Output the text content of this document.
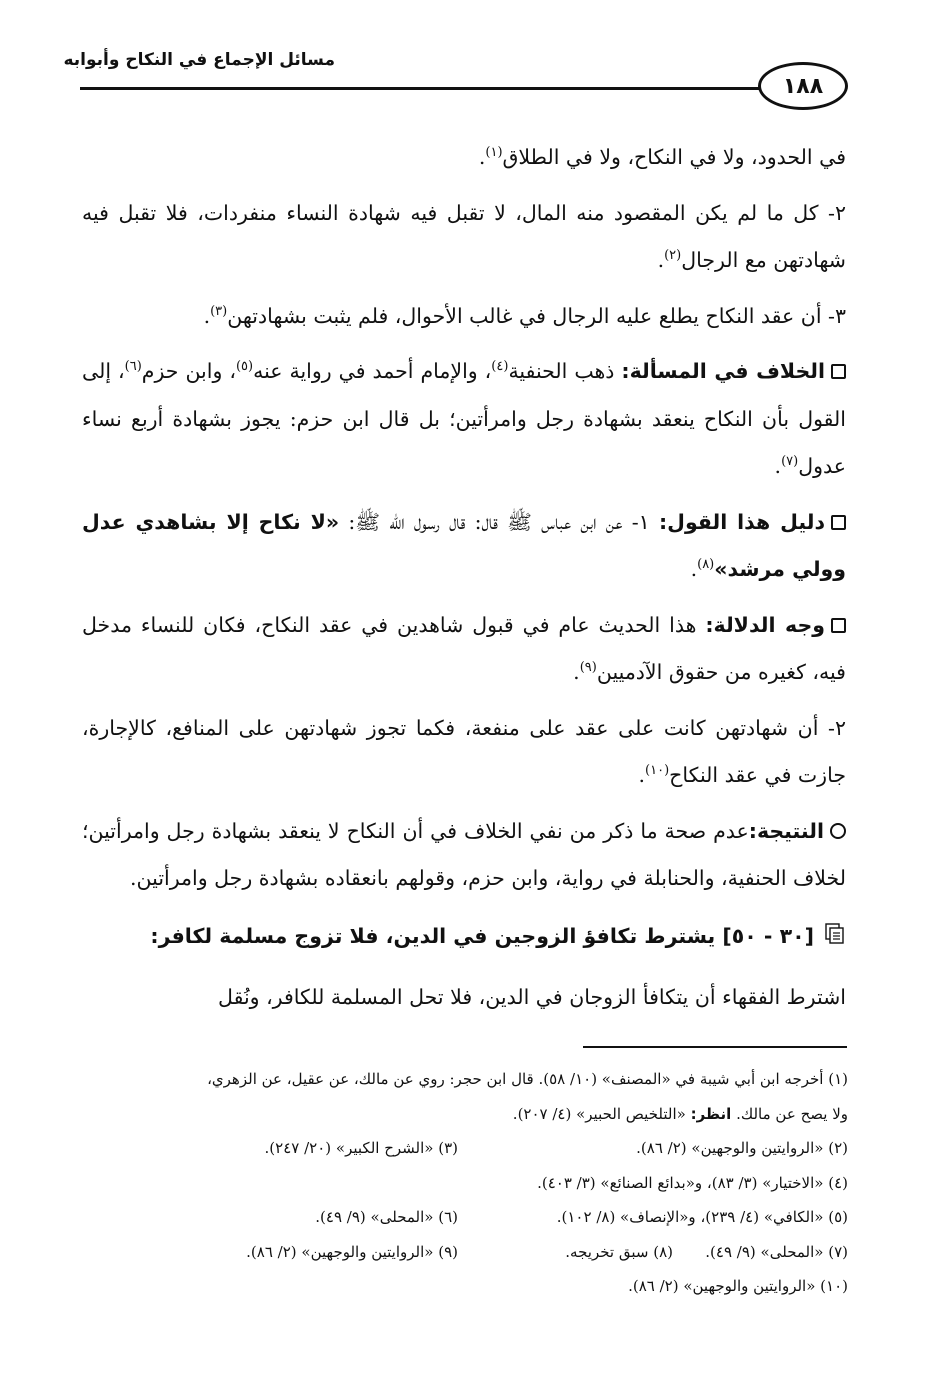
مسائل الإجماع في النكاح وأبوابه
١٨٨

في الحدود، ولا في النكاح، ولا في الطلاق$^{(١)}$.

٢- كل ما لم يكن المقصود منه المال، لا تقبل فيه شهادة النساء منفردات، فلا تقبل فيه شهادتهن مع الرجال$^{(٢)}$.

٣- أن عقد النكاح يطلع عليه الرجال في غالب الأحوال، فلم يثبت بشهادتهن$^{(٣)}$.

الخلاف في المسألة: ذهب الحنفية$^{(٤)}$، والإمام أحمد في رواية عنه$^{(٥)}$، وابن حزم$^{(٦)}$، إلى القول بأن النكاح ينعقد بشهادة رجل وامرأتين؛ بل قال ابن حزم: يجوز بشهادة أربع نساء عدول$^{(٧)}$.

دليل هذا القول: ١- عن ابن عباس ﷺ قال: قال رسول الله ﷺ: «لا نكاح إلا بشاهدي عدل وولي مرشد»$^{(٨)}$.

وجه الدلالة: هذا الحديث عام في قبول شاهدين في عقد النكاح، فكان للنساء مدخل فيه، كغيره من حقوق الآدميين$^{(٩)}$.

٢- أن شهادتهن كانت على عقد على منفعة، فكما تجوز شهادتهن على المنافع، كالإجارة، جازت في عقد النكاح$^{(١٠)}$.

النتيجة:عدم صحة ما ذكر من نفي الخلاف في أن النكاح لا ينعقد بشهادة رجل وامرأتين؛ لخلاف الحنفية، والحنابلة في رواية، وابن حزم، وقولهم بانعقاده بشهادة رجل وامرأتين.

[٣٠ - ٥٠] يشترط تكافؤ الزوجين في الدين، فلا تزوج مسلمة لكافر:

اشترط الفقهاء أن يتكافأ الزوجان في الدين، فلا تحل المسلمة للكافر، ونُقل

(١) أخرجه ابن أبي شيبة في «المصنف» (١٠/ ٥٨). قال ابن حجر: روي عن مالك، عن عقيل، عن الزهري،
ولا يصح عن مالك. انظر: «التلخيص الحبير» (٤/ ٢٠٧).
(٢) «الروايتين والوجهين» (٢/ ٨٦).
(٣) «الشرح الكبير» (٢٠/ ٢٤٧).
(٤) «الاختيار» (٣/ ٨٣)، و«بدائع الصنائع» (٣/ ٤٠٣).
(٥) «الكافي» (٤/ ٢٣٩)، و«الإنصاف» (٨/ ١٠٢).
(٦) «المحلى» (٩/ ٤٩).
(٧) «المحلى» (٩/ ٤٩).
(٨) سبق تخريجه.
(٩) «الروايتين والوجهين» (٢/ ٨٦).
(١٠) «الروايتين والوجهين» (٢/ ٨٦).
